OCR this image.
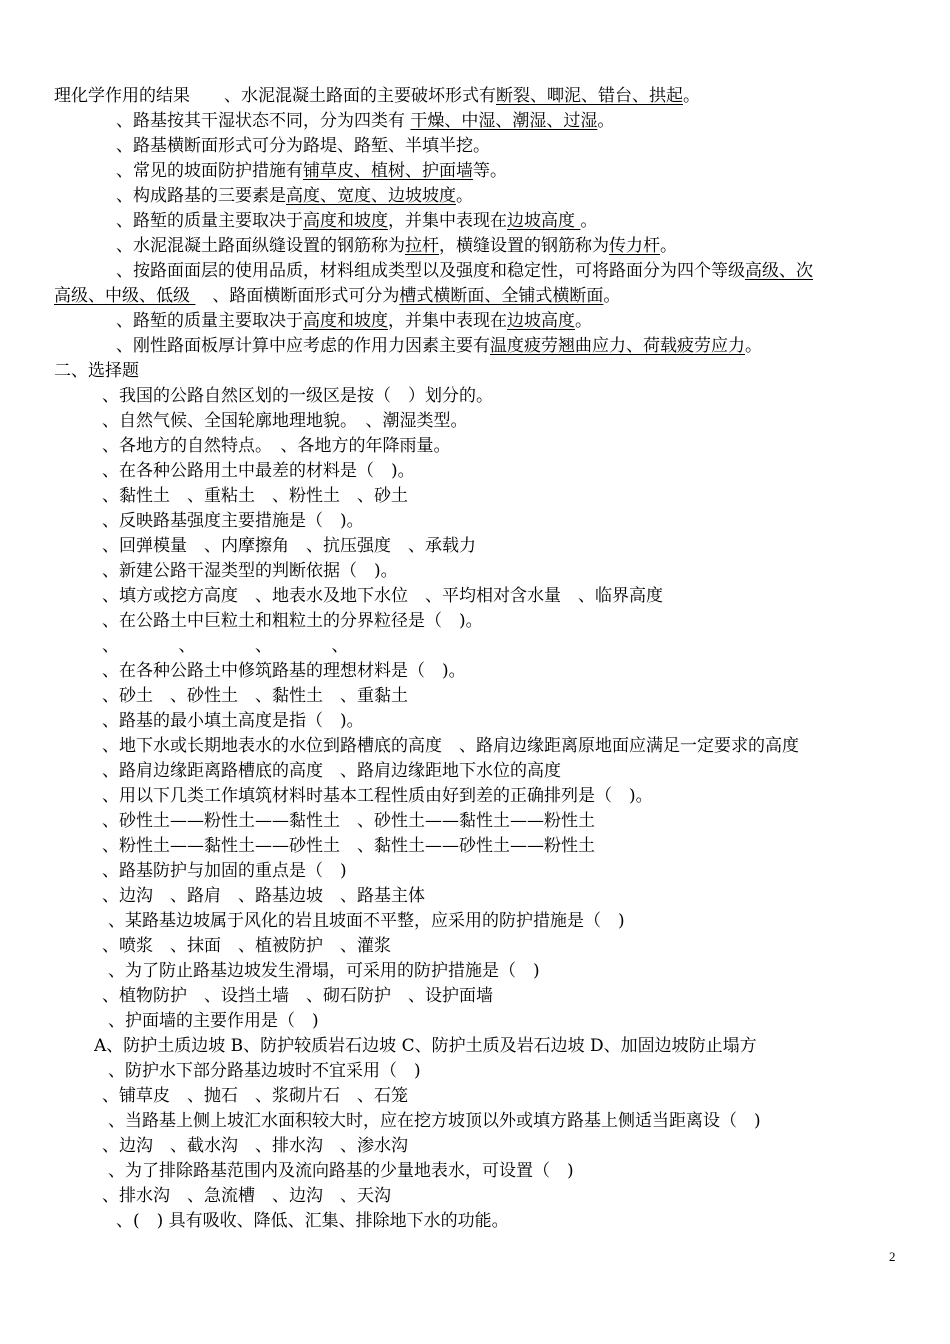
理化学作用的结果　　、水泥混凝土路面的主要破坏形式有断裂、唧泥、错台、拱起。
、路基按其干湿状态不同，分为四类有 干燥、中湿、潮湿、过湿。
、路基横断面形式可分为路堤、路堑、半填半挖。
、常见的坡面防护措施有铺草皮、植树、护面墙等。
、构成路基的三要素是高度、宽度、边坡坡度。
、路堑的质量主要取决于高度和坡度，并集中表现在边坡高度 。
、水泥混凝土路面纵缝设置的钢筋称为拉杆，横缝设置的钢筋称为传力杆。
、按路面面层的使用品质，材料组成类型以及强度和稳定性，可将路面分为四个等级高级、次
高级、中级、低级 　、路面横断面形式可分为槽式横断面、全铺式横断面。
、路堑的质量主要取决于高度和坡度，并集中表现在边坡高度。
、刚性路面板厚计算中应考虑的作用力因素主要有温度疲劳翘曲应力、荷载疲劳应力。
二、选择题
、我国的公路自然区划的一级区是按（　）划分的。
、自然气候、全国轮廓地理地貌。　、潮湿类型。
、各地方的自然特点。　、各地方的年降雨量。
、在各种公路用土中最差的材料是（　)。
、黏性土　、重粘土　、粉性土　、砂土
、反映路基强度主要措施是（　)。
、回弹模量　、内摩擦角　、抗压强度　、承载力
、新建公路干湿类型的判断依据（　)。
、填方或挖方高度　、地表水及地下水位　、平均相对含水量　、临界高度
、在公路土中巨粒土和粗粒土的分界粒径是（　)。
、　　　　、　　　　、　　　　、
、在各种公路土中修筑路基的理想材料是（　)。
、砂土　、砂性土　、黏性土　、重黏土
、路基的最小填土高度是指（　)。
、地下水或长期地表水的水位到路槽底的高度　、路肩边缘距离原地面应满足一定要求的高度
、路肩边缘距离路槽底的高度　、路肩边缘距地下水位的高度
、用以下几类工作填筑材料时基本工程性质由好到差的正确排列是（　)。
、砂性土——粉性土——黏性土　、砂性土——黏性土——粉性土
、粉性土——黏性土——砂性土　、黏性土——砂性土——粉性土
、路基防护与加固的重点是（　)
、边沟　、路肩　、路基边坡　、路基主体
、某路基边坡属于风化的岩且坡面不平整，应采用的防护措施是（　)
、喷浆　、抹面　、植被防护　、灌浆
、为了防止路基边坡发生滑塌，可采用的防护措施是（　)
、植物防护　、设挡土墙　、砌石防护　、设护面墙
、护面墙的主要作用是（　)
A、防护土质边坡 B、防护较质岩石边坡 C、防护土质及岩石边坡 D、加固边坡防止塌方
、防护水下部分路基边坡时不宜采用（　)
、铺草皮　、抛石　、浆砌片石　、石笼
、当路基上侧上坡汇水面积较大时，应在挖方坡顶以外或填方路基上侧适当距离设（　)
、边沟　、截水沟　、排水沟　、渗水沟
、为了排除路基范围内及流向路基的少量地表水，可设置（　)
、排水沟　、急流槽　、边沟　、天沟
、(　) 具有吸收、降低、汇集、排除地下水的功能。
2
